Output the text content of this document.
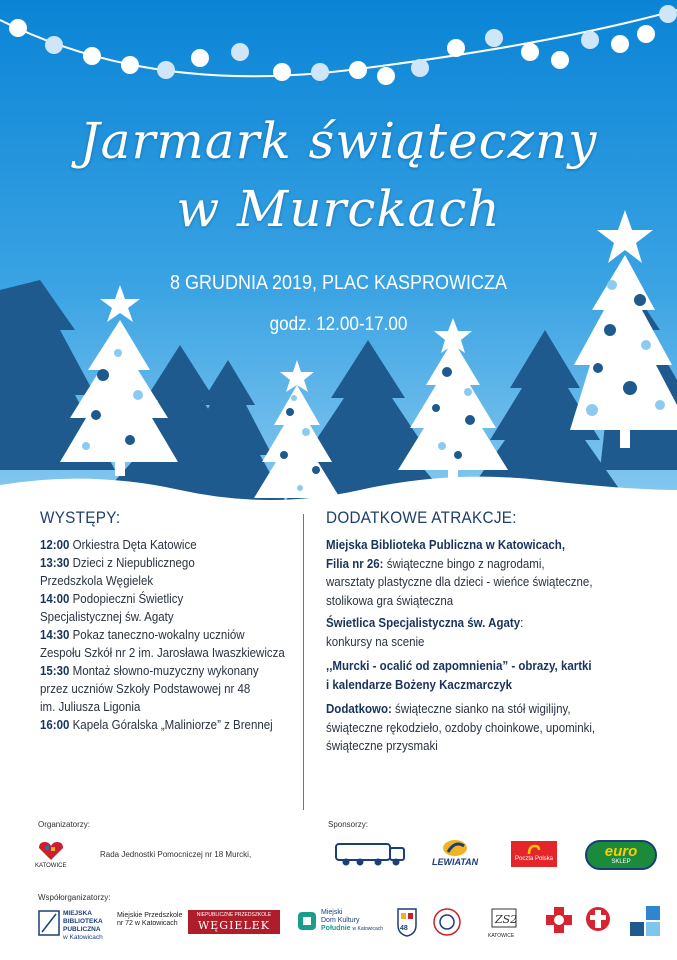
Jarmark świąteczny
w Murckach
8 GRUDNIA 2019, PLAC KASPROWICZA
godz. 12.00-17.00
WYSTĘPY:

12:00 Orkiestra Dęta Katowice

13:30 Dzieci z Niepublicznego

Przedszkola Węgielek

14:00 Podopieczni Świetlicy

Specjalistycznej św. Agaty

14:30 Pokaz taneczno-wokalny uczniów

Zespołu Szkół nr 2 im. Jarosława Iwaszkiewicza

15:30 Montaż słowno-muzyczny wykonany

przez uczniów Szkoły Podstawowej nr 48

im. Juliusza Ligonia

16:00 Kapela Góralska „Maliniorze” z Brennej

DODATKOWE ATRAKCJE:
Miejska Biblioteka Publiczna w Katowicach,
Filia nr 26: świąteczne bingo z nagrodami,
warsztaty plastyczne dla dzieci - wieńce świąteczne,
stolikowa gra świąteczna
Świetlica Specjalistyczna św. Agaty:
konkursy na scenie
,,Murcki - ocalić od zapomnienia” - obrazy, kartki
i kalendarze Bożeny Kaczmarczyk
Dodatkowo: świąteczne sianko na stół wigilijny,
świąteczne rękodzieło, ozdoby choinkowe, upominki,
świąteczne przysmaki
Organizatorzy:
KATOWICE
Rada Jednostki Pomocniczej nr 18 Murcki,
Sponsorzy:
LEWIATAN	Poczta Polska	euro
SKLEP
Współorganizatorzy:
MIEJSKA
BIBLIOTEKA
PUBLICZNA
w Katowicach
Miejskie Przedszkole
nr 72 w Katowicach
NIEPUBLICZNE PRZEDSZKOLE
WĘGIELEK
Miejski
Dom Kultury
Południe w Katowicach 48
ZS2
KATOWICE
